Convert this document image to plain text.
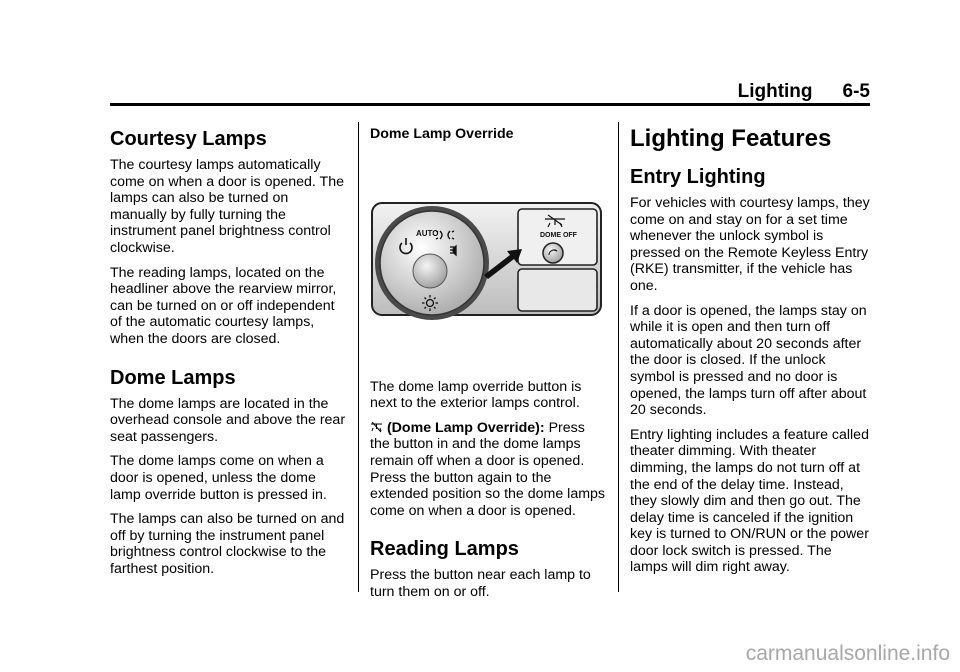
Lighting 6-5
Courtesy Lamps

The courtesy lamps automatically come on when a door is opened. The lamps can also be turned on manually by fully turning the instrument panel brightness control clockwise.

The reading lamps, located on the headliner above the rearview mirror, can be turned on or off independent of the automatic courtesy lamps, when the doors are closed.

Dome Lamps

The dome lamps are located in the overhead console and above the rear seat passengers.

The dome lamps come on when a door is opened, unless the dome lamp override button is pressed in.

The lamps can also be turned on and off by turning the instrument panel brightness control clockwise to the farthest position.

Dome Lamp Override

AUTO	DOME OFF

The dome lamp override button is next to the exterior lamps control.

(Dome Lamp Override): Press the button in and the dome lamps remain off when a door is opened. Press the button again to the extended position so the dome lamps come on when a door is opened.

Reading Lamps

Press the button near each lamp to turn them on or off.

Lighting Features
Entry Lighting

For vehicles with courtesy lamps, they come on and stay on for a set time whenever the unlock symbol is pressed on the Remote Keyless Entry (RKE) transmitter, if the vehicle has one.

If a door is opened, the lamps stay on while it is open and then turn off automatically about 20 seconds after the door is closed. If the unlock symbol is pressed and no door is opened, the lamps turn off after about 20 seconds.

Entry lighting includes a feature called theater dimming. With theater dimming, the lamps do not turn off at the end of the delay time. Instead, they slowly dim and then go out. The delay time is canceled if the ignition key is turned to ON/RUN or the power door lock switch is pressed. The lamps will dim right away.

carmanualsonline.info
